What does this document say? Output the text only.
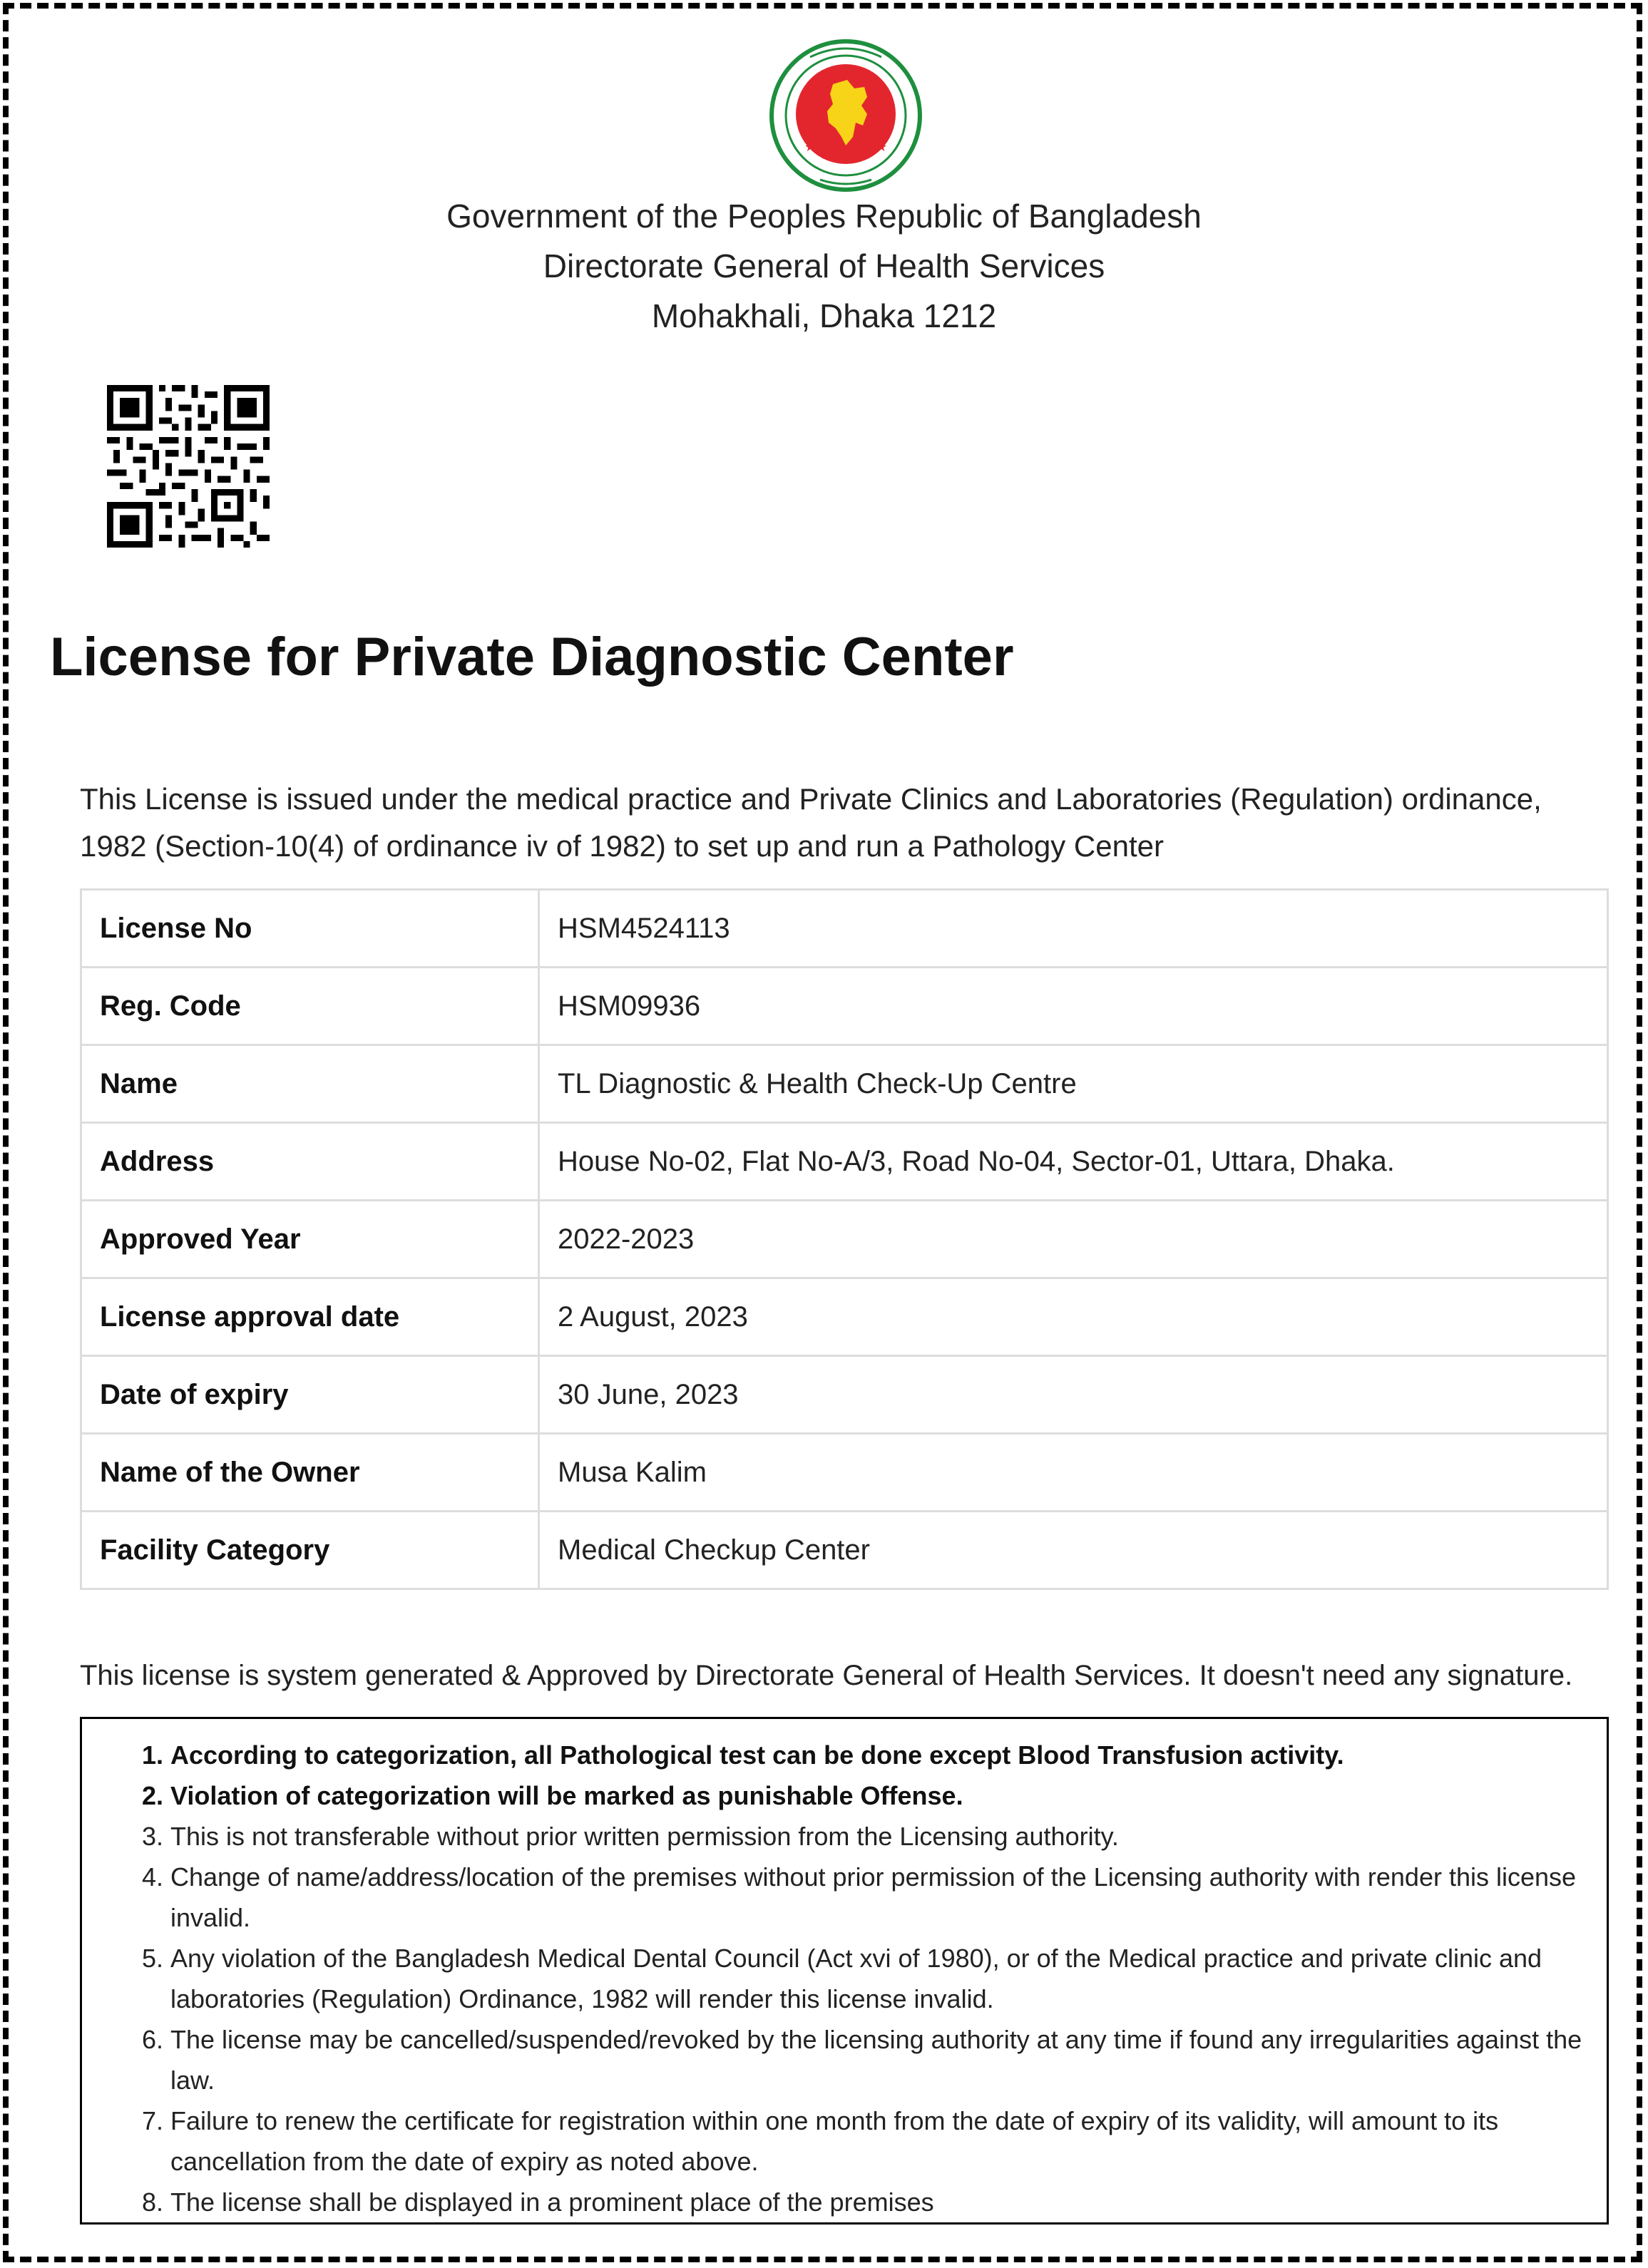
★	★
Government of the Peoples Republic of Bangladesh
Directorate General of Health Services
Mohakhali, Dhaka 1212
License for Private Diagnostic Center

This License is issued under the medical practice and Private Clinics and Laboratories (Regulation) ordinance, 1982 (Section-10(4) of ordinance iv of 1982) to set up and run a Pathology Center

License No	HSM4524113
Reg. Code	HSM09936
Name	TL Diagnostic & Health Check-Up Centre
Address	House No-02, Flat No-A/3, Road No-04, Sector-01, Uttara, Dhaka.
Approved Year	2022-2023
License approval date	2 August, 2023
Date of expiry	30 June, 2023
Name of the Owner	Musa Kalim
Facility Category	Medical Checkup Center

This license is system generated & Approved by Directorate General of Health Services. It doesn't need any signature.

1. According to categorization, all Pathological test can be done except Blood Transfusion activity.
2. Violation of categorization will be marked as punishable Offense.
3. This is not transferable without prior written permission from the Licensing authority.
4. Change of name/address/location of the premises without prior permission of the Licensing authority with render this license invalid.
5. Any violation of the Bangladesh Medical Dental Council (Act xvi of 1980), or of the Medical practice and private clinic and laboratories (Regulation) Ordinance, 1982 will render this license invalid.
6. The license may be cancelled/suspended/revoked by the licensing authority at any time if found any irregularities against the law.
7. Failure to renew the certificate for registration within one month from the date of expiry of its validity, will amount to its cancellation from the date of expiry as noted above.
8. The license shall be displayed in a prominent place of the premises
